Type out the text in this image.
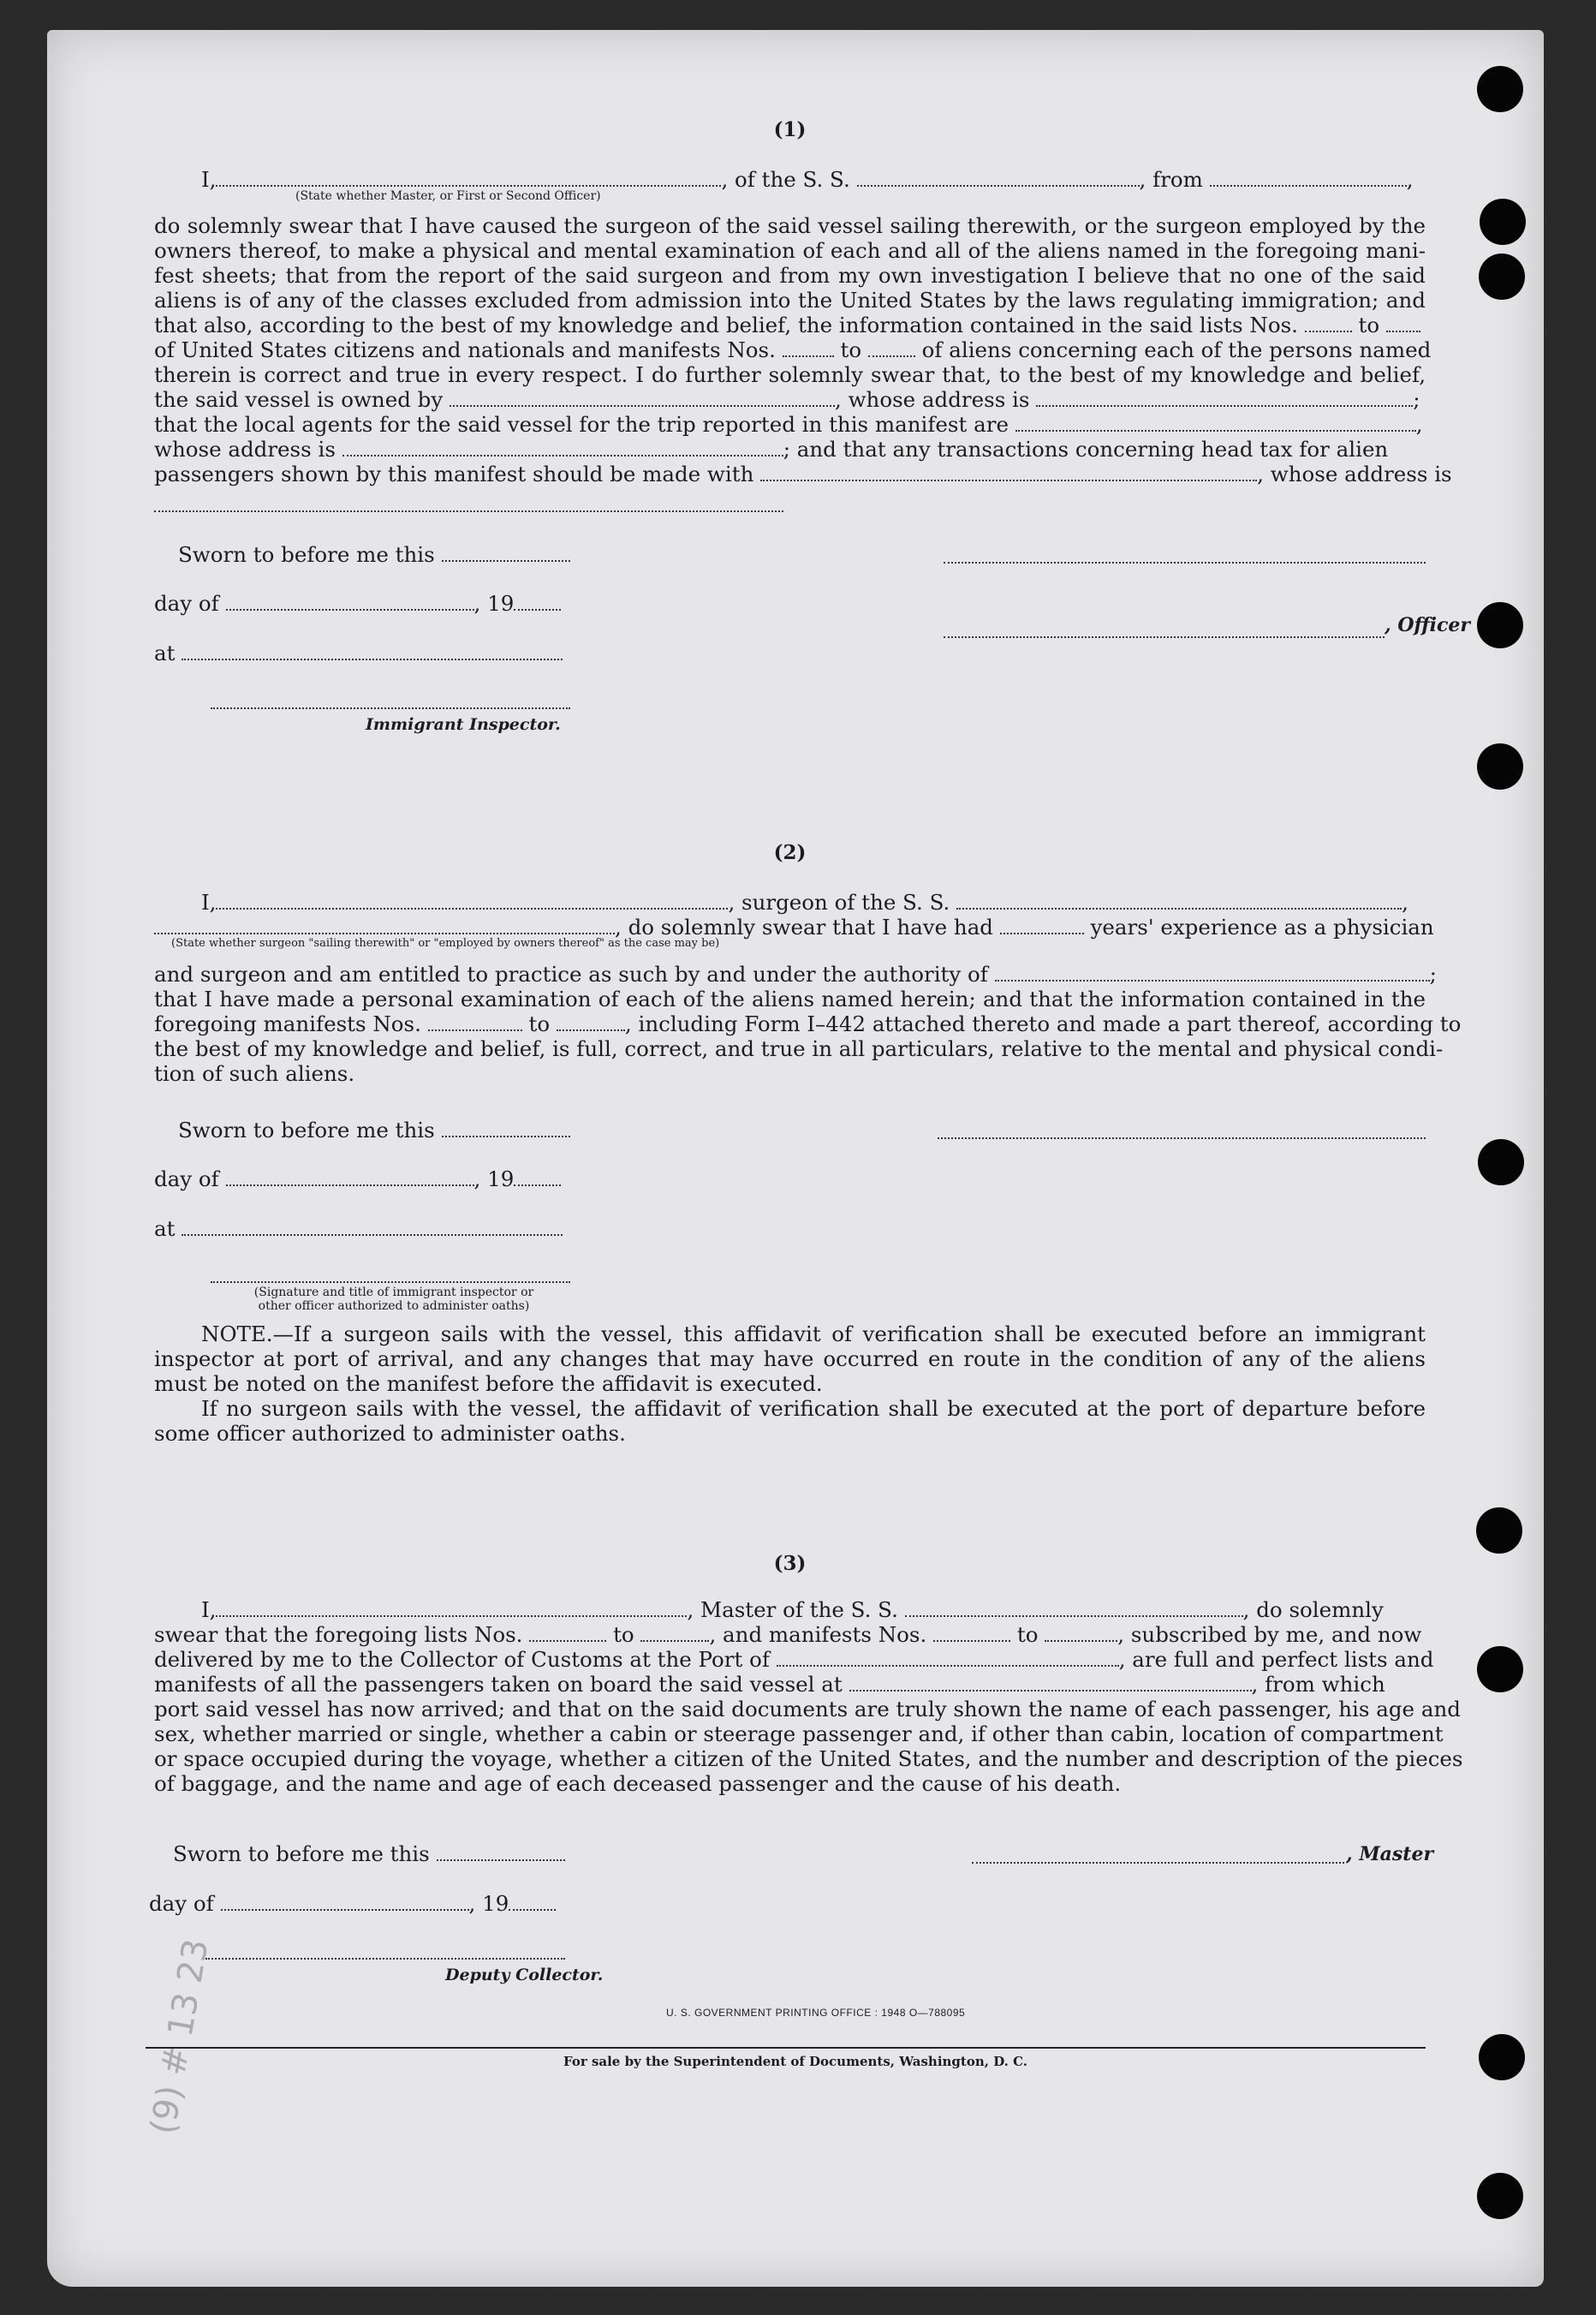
(9) # 13 23
(1)
I,	, of the S. S.	, from	,
(State whether Master, or First or Second Officer)
do solemnly swear that I have caused the surgeon of the said vessel sailing therewith, or the surgeon employed by the
owners thereof, to make a physical and mental examination of each and all of the aliens named in the foregoing mani-
fest sheets; that from the report of the said surgeon and from my own investigation I believe that no one of the said
aliens is of any of the classes excluded from admission into the United States by the laws regulating immigration; and
that also, according to the best of my knowledge and belief, the information contained in the said lists Nos.	to
of United States citizens and nationals and manifests Nos.	to	of aliens concerning each of the persons named
therein is correct and true in every respect. I do further solemnly swear that, to the best of my knowledge and belief,
the said vessel is owned by	, whose address is	;
that the local agents for the said vessel for the trip reported in this manifest are	,
whose address is	; and that any transactions concerning head tax for alien
passengers shown by this manifest should be made with	, whose address is
Sworn to before me this
day of	, 19
, Officer
at
Immigrant Inspector.
(2)
I,	, surgeon of the S. S.	,
, do solemnly swear that I have had	years' experience as a physician
(State whether surgeon "sailing therewith" or "employed by owners thereof" as the case may be)
and surgeon and am entitled to practice as such by and under the authority of	;
that I have made a personal examination of each of the aliens named herein; and that the information contained in the
foregoing manifests Nos.	to	, including Form I–442 attached thereto and made a part thereof, according to
the best of my knowledge and belief, is full, correct, and true in all particulars, relative to the mental and physical condi-
tion of such aliens.
Sworn to before me this
day of	, 19
at
(Signature and title of immigrant inspector or
other officer authorized to administer oaths)
NOTE.—If a surgeon sails with the vessel, this affidavit of verification shall be executed before an immigrant inspector at port of arrival, and any changes that may have occurred en route in the condition of any of the aliens must be noted on the manifest before the affidavit is executed.
If no surgeon sails with the vessel, the affidavit of verification shall be executed at the port of departure before some officer authorized to administer oaths.
(3)
I,	, Master of the S. S.	, do solemnly
swear that the foregoing lists Nos.	to	, and manifests Nos.	to	, subscribed by me, and now
delivered by me to the Collector of Customs at the Port of	, are full and perfect lists and
manifests of all the passengers taken on board the said vessel at	, from which
port said vessel has now arrived; and that on the said documents are truly shown the name of each passenger, his age and
sex, whether married or single, whether a cabin or steerage passenger and, if other than cabin, location of compartment
or space occupied during the voyage, whether a citizen of the United States, and the number and description of the pieces
of baggage, and the name and age of each deceased passenger and the cause of his death.
Sworn to before me this	, Master
day of	, 19
Deputy Collector.
U. S. GOVERNMENT PRINTING OFFICE : 1948 O—788095
For sale by the Superintendent of Documents, Washington, D. C.
